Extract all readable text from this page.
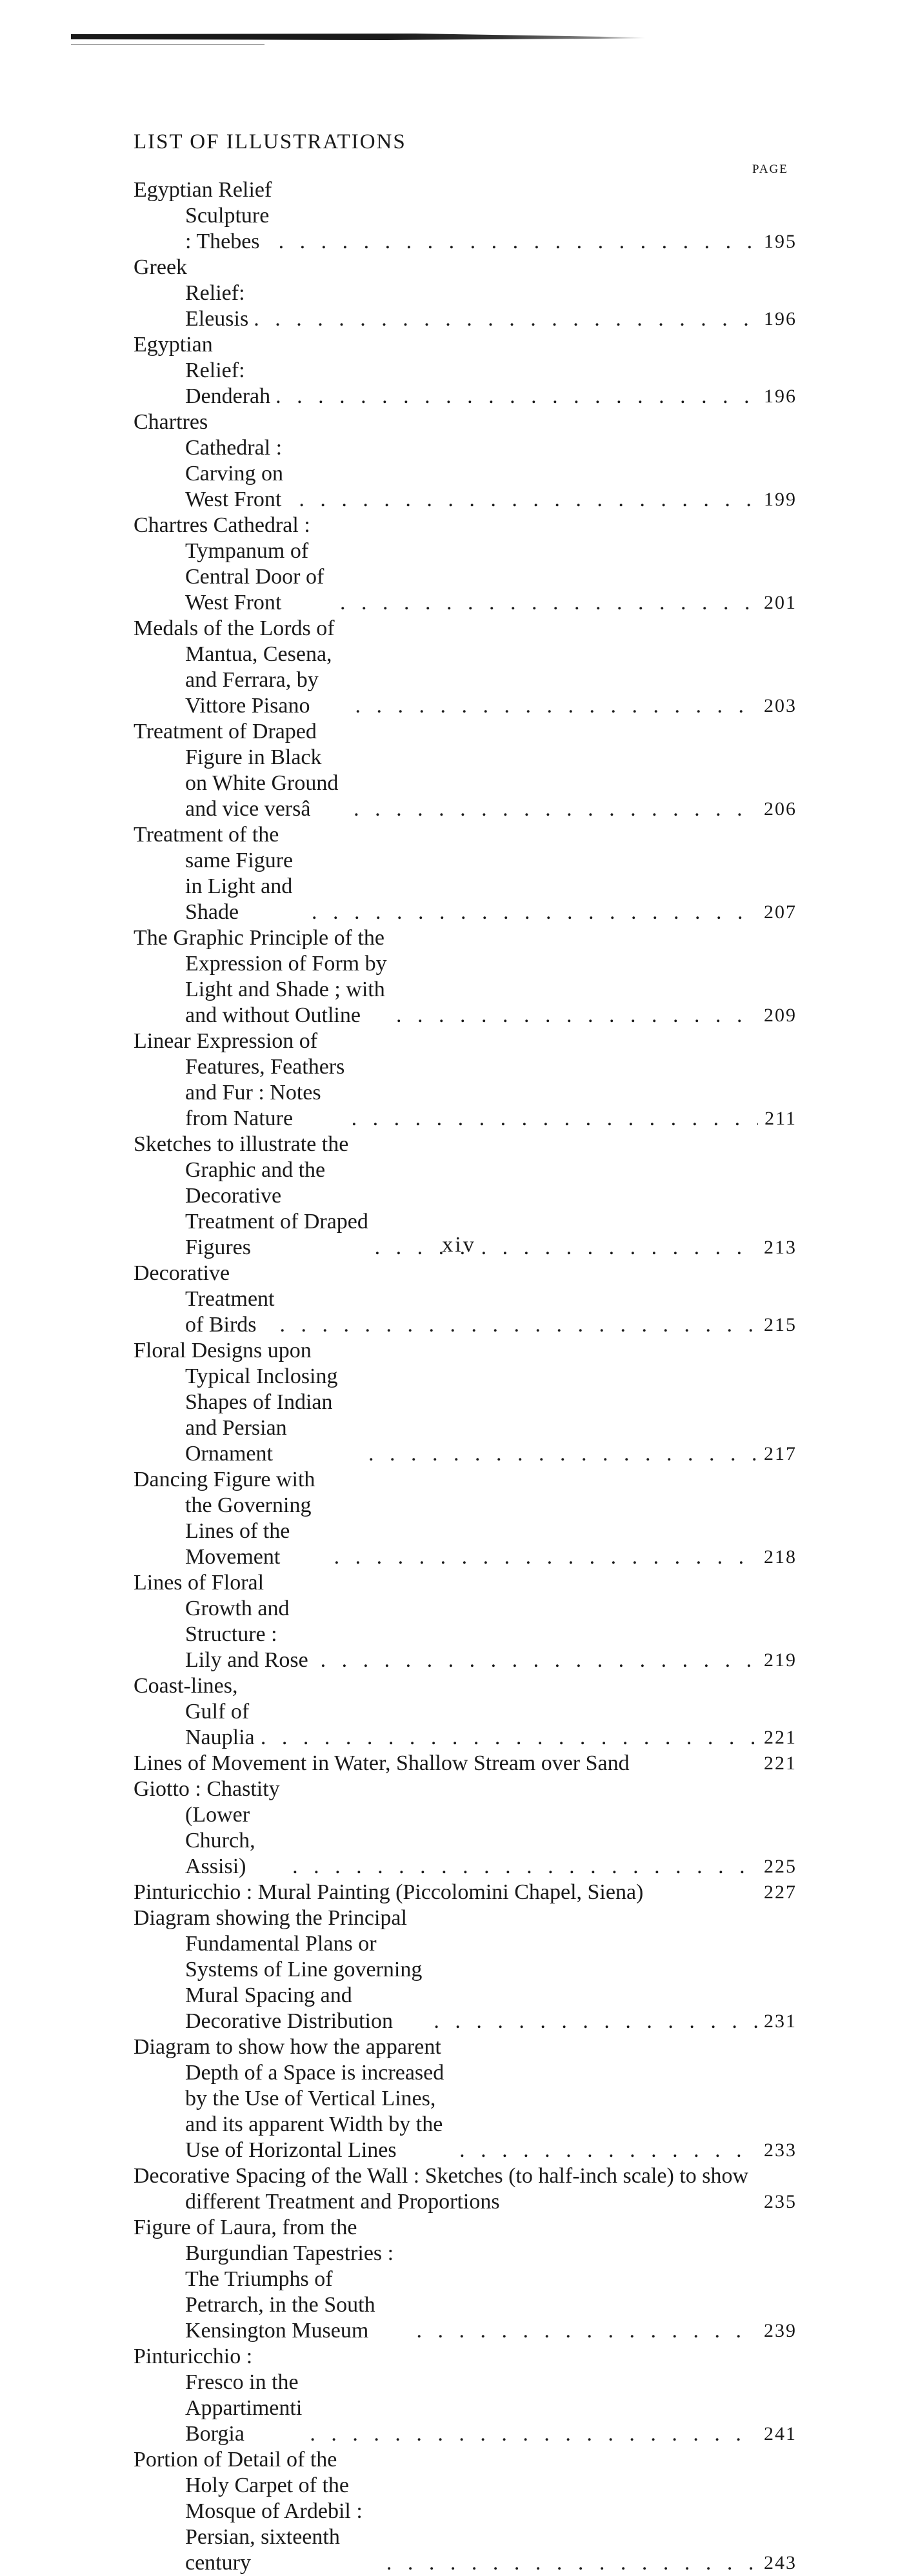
LIST OF ILLUSTRATIONS
PAGE
Egyptian Relief Sculpture : Thebes . . .	195
Greek Relief: Eleusis . . .	196
Egyptian Relief: Denderah . . .	196
Chartres Cathedral : Carving on West Front . . .	199
Chartres Cathedral : Tympanum of Central Door of West Front . . .	201
Medals of the Lords of Mantua, Cesena, and Ferrara, by Vittore Pisano . . .	203
Treatment of Draped Figure in Black on White Ground and vice versâ . . .	206
Treatment of the same Figure in Light and Shade . . .	207
The Graphic Principle of the Expression of Form by Light and Shade ; with and without Outline . . .	209
Linear Expression of Features, Feathers and Fur : Notes from Nature . . .	211
Sketches to illustrate the Graphic and the Decorative Treatment of Draped Figures . . .	213
Decorative Treatment of Birds . . .	215
Floral Designs upon Typical Inclosing Shapes of Indian and Persian Ornament . . .	217
Dancing Figure with the Governing Lines of the Movement . . .	218
Lines of Floral Growth and Structure : Lily and Rose . . .	219
Coast-lines, Gulf of Nauplia . . .	221
Lines of Movement in Water, Shallow Stream over Sand	221
Giotto : Chastity (Lower Church, Assisi) . . .	225
Pinturicchio : Mural Painting (Piccolomini Chapel, Siena)	227
Diagram showing the Principal Fundamental Plans or Systems of Line governing Mural Spacing and Decorative Distribution . . .	231
Diagram to show how the apparent Depth of a Space is increased by the Use of Vertical Lines, and its apparent Width by the Use of Horizontal Lines . . .	233
Decorative Spacing of the Wall : Sketches (to half-inch scale) to show different Treatment and Proportions	235
Figure of Laura, from the Burgundian Tapestries : The Triumphs of Petrarch, in the South Kensington Museum . . .	239
Pinturicchio : Fresco in the Appartimenti Borgia . . .	241
Portion of Detail of the Holy Carpet of the Mosque of Ardebil : Persian, sixteenth century . . .	243
xiv
